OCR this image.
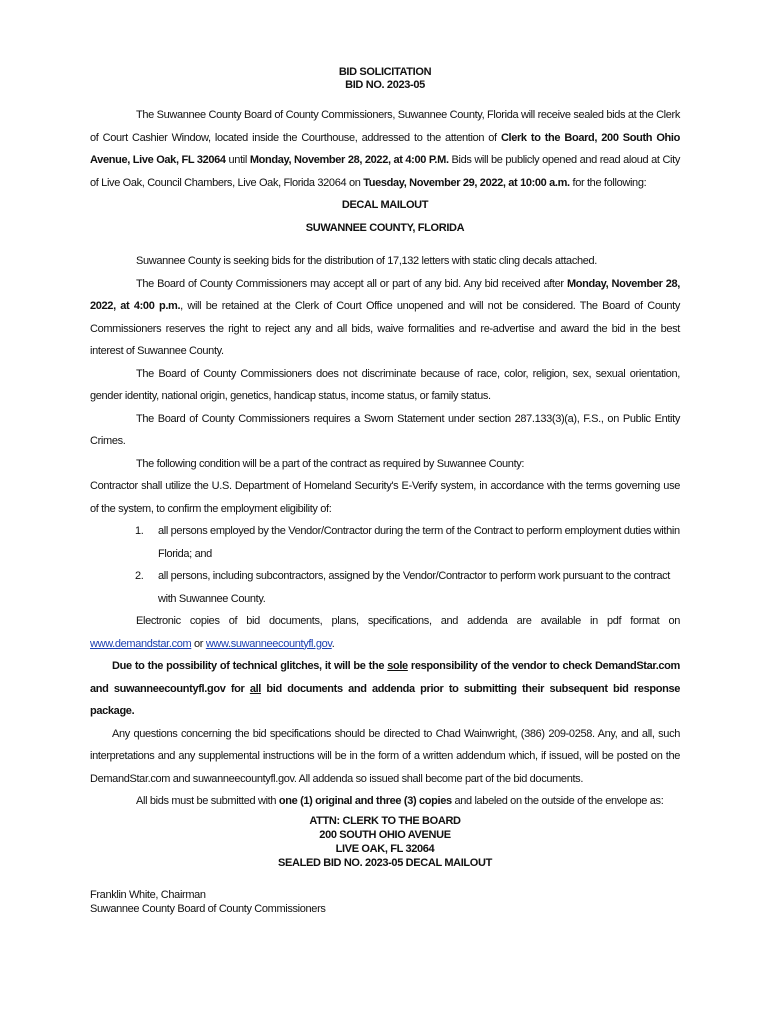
BID SOLICITATION
BID NO. 2023-05

The Suwannee County Board of County Commissioners, Suwannee County, Florida will receive sealed bids at the Clerk of Court Cashier Window, located inside the Courthouse, addressed to the attention of Clerk to the Board, 200 South Ohio Avenue, Live Oak, FL 32064 until Monday, November 28, 2022, at 4:00 P.M. Bids will be publicly opened and read aloud at City of Live Oak, Council Chambers, Live Oak, Florida 32064 on Tuesday, November 29, 2022, at 10:00 a.m. for the following:

DECAL MAILOUT
SUWANNEE COUNTY, FLORIDA

Suwannee County is seeking bids for the distribution of 17,132 letters with static cling decals attached.

The Board of County Commissioners may accept all or part of any bid. Any bid received after Monday, November 28, 2022, at 4:00 p.m., will be retained at the Clerk of Court Office unopened and will not be considered. The Board of County Commissioners reserves the right to reject any and all bids, waive formalities and re-advertise and award the bid in the best interest of Suwannee County.

The Board of County Commissioners does not discriminate because of race, color, religion, sex, sexual orientation, gender identity, national origin, genetics, handicap status, income status, or family status.

The Board of County Commissioners requires a Sworn Statement under section 287.133(3)(a), F.S., on Public Entity Crimes.

The following condition will be a part of the contract as required by Suwannee County:

Contractor shall utilize the U.S. Department of Homeland Security's E-Verify system, in accordance with the terms governing use of the system, to confirm the employment eligibility of:

1. all persons employed by the Vendor/Contractor during the term of the Contract to perform employment duties within Florida; and
2. all persons, including subcontractors, assigned by the Vendor/Contractor to perform work pursuant to the contract with Suwannee County.

Electronic copies of bid documents, plans, specifications, and addenda are available in pdf format on www.demandstar.com or www.suwanneecountyfl.gov.

Due to the possibility of technical glitches, it will be the sole responsibility of the vendor to check DemandStar.com and suwanneecountyfl.gov for all bid documents and addenda prior to submitting their subsequent bid response package.

Any questions concerning the bid specifications should be directed to Chad Wainwright, (386) 209-0258. Any, and all, such interpretations and any supplemental instructions will be in the form of a written addendum which, if issued, will be posted on the DemandStar.com and suwanneecountyfl.gov. All addenda so issued shall become part of the bid documents.

All bids must be submitted with one (1) original and three (3) copies and labeled on the outside of the envelope as:

ATTN: CLERK TO THE BOARD
200 SOUTH OHIO AVENUE
LIVE OAK, FL 32064
SEALED BID NO. 2023-05 DECAL MAILOUT
Franklin White, Chairman
Suwannee County Board of County Commissioners
